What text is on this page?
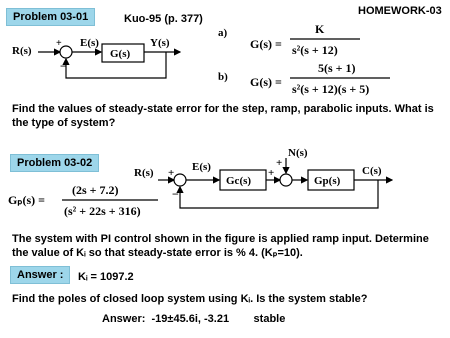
Problem 03-01	Kuo-95 (p. 377)
HOMEWORK-03
R(s)
+
−
E(s)
G(s)
Y(s)
a)
G(s) =
K
s²(s + 12)
b) G(s) =
5(s + 1)
s²(s + 12)(s + 5)
Find the values of steady-state error for the step, ramp, parabolic inputs. What is the type of system?
Problem 03-02
Gₚ(s) =
(2s + 7.2)
(s² + 22s + 316)
R(s) +
−
E(s)
Gc(s)
+
N(s)
+
Gp(s)
C(s)
The system with PI control shown in the figure is applied ramp input. Determine the value of Kᵢ so that steady-state error is % 4. (Kₚ=10).
Answer :	Kᵢ = 1097.2
Find the poles of closed loop system using Kᵢ. Is the system stable?
Answer:  -19±45.6i, -3.21        stable
